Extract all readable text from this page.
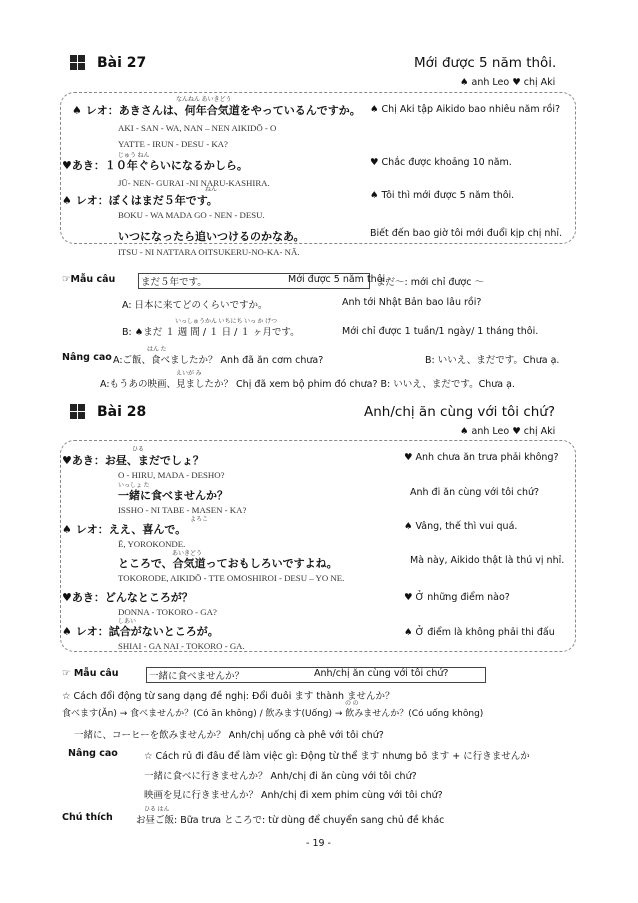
Bài 27	Mới được 5 năm thôi.
♠ anh Leo ♥ chị Aki
なんねん あいきどう
♠ レオ：あきさんは、何年合気道をやっているんですか。 ♠ Chị Aki tập Aikido bao nhiêu năm rồi?
AKI - SAN - WA, NAN – NEN AIKIDŌ - O
YATTE - IRUN - DESU - KA?
じゅう ねん
♥あき：１０年ぐらいになるかしら。	♥ Chắc được khoảng 10 năm.
JŪ- NEN- GURAI -NI NARU-KASHIRA.
ねん
♠ レオ：ぼくはまだ５年です。	♠ Tôi thì mới được 5 năm thôi.
BOKU - WA MADA GO - NEN - DESU.
いつになったら追いつけるのかなあ。	Biết đến bao giờ tôi mới đuổi kịp chị nhỉ.
ITSU - NI NATTARA OITSUKERU-NO-KA- NĀ.
☞Mẫu câu	まだ５年です。	Mới được 5 năm thôi.
まだ～: mới chỉ được ～
A: 日本に来てどのくらいですか。	Anh tới Nhật Bản bao lâu rồi?
いっしゅうかん いちにち いっ か げつ
B: ♠まだ １ 週 間 / １ 日 / １ ヶ月です。	Mới chỉ được 1 tuần/1 ngày/ 1 tháng thôi.
はん た
Nâng cao A:ご飯、食べましたか？ Anh đã ăn cơm chưa?	B: いいえ、まだです。Chưa ạ.
えいが み
A:もうあの映画、見ましたか？ Chị đã xem bộ phim đó chưa? B: いいえ、まだです。Chưa ạ.
Bài 28	Anh/chị ăn cùng với tôi chứ?
♠ anh Leo ♥ chị Aki
ひる
♥あき：お昼、まだでしょ？	♥ Anh chưa ăn trưa phải không?
O - HIRU, MADA - DESHO?
いっしょ た
一緒に食べませんか？	Anh đi ăn cùng với tôi chứ?
ISSHO - NI TABE - MASEN - KA?
よろこ
♠ レオ：ええ、喜んで。	♠ Vâng, thế thì vui quá.
Ē, YOROKONDE.
あいきどう
ところで、合気道っておもしろいですよね。	Mà này, Aikido thật là thú vị nhỉ.
TOKORODE, AIKIDŌ - TTE OMOSHIROI - DESU – YO NE.
♥あき：どんなところが？	♥ Ở những điểm nào?
DONNA - TOKORO - GA?
しあい
♠ レオ：試合がないところが。	♠ Ở điểm là không phải thi đấu
SHIAI - GA NAI - TOKORO - GA.
☞ Mẫu câu	一緒に食べませんか？	Anh/chị ăn cùng với tôi chứ?
☆ Cách đổi động từ sang dạng đề nghị: Đổi đuôi ます thành ませんか？
の の
食べます(Ăn) → 食べませんか？(Có ăn không) / 飲みます(Uống) → 飲みませんか？(Có uống không)
一緒に、コーヒーを飲みませんか？ Anh/chị uống cà phê với tôi chứ?
Nâng cao	☆ Cách rủ đi đâu để làm việc gì: Động từ thể ます nhưng bỏ ます + に行きませんか
一緒に食べに行きませんか？ Anh/chị đi ăn cùng với tôi chứ?
映画を見に行きませんか？ Anh/chị đi xem phim cùng với tôi chứ?
ひる はん
Chú thích お昼ご飯: Bữa trưa ところで: từ dùng để chuyển sang chủ đề khác
- 19 -
